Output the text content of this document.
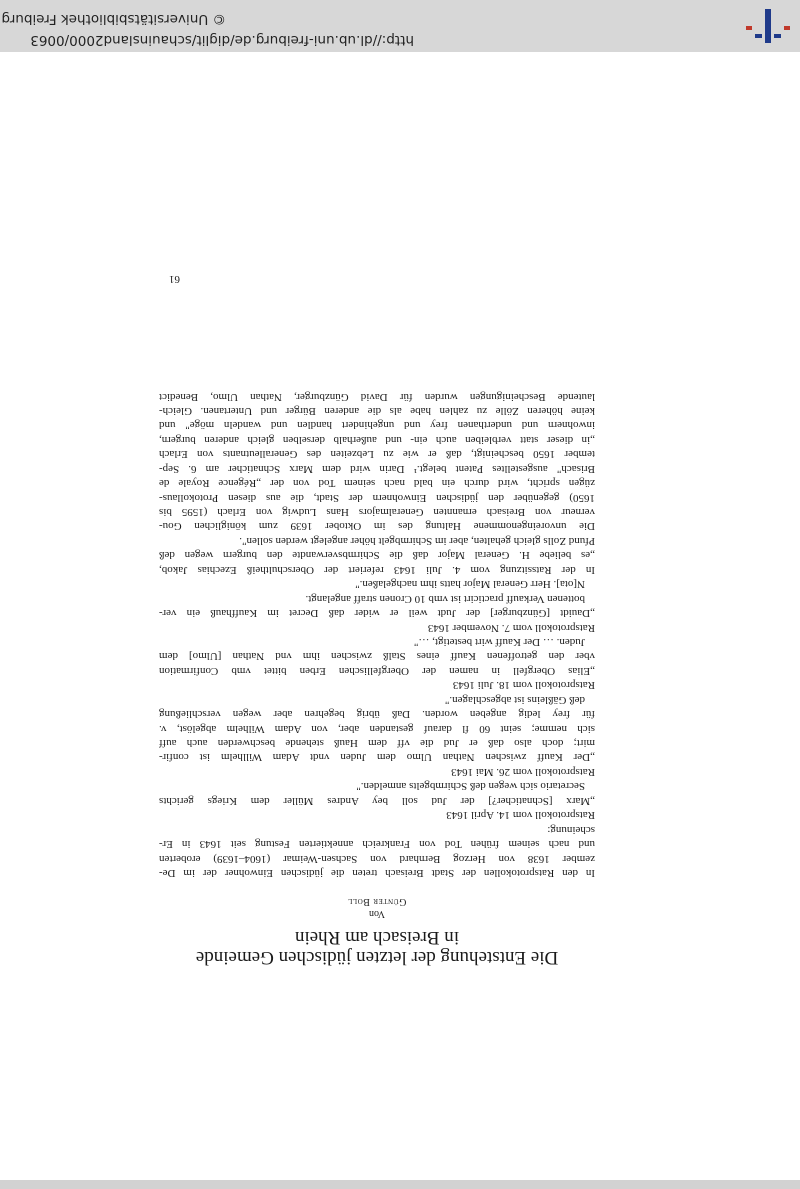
http://dl.ub.uni-freiburg.de/diglit/schauinsland2000/0063
© Universitätsbibliothek Freiburg
Die Entstehung der letzten jüdischen Gemeinde
in Breisach am Rhein
Von
Günter Boll
In den Ratsprotokollen der Stadt Breisach treten die jüdischen Einwohner der im De-
zember 1638 von Herzog Bernhard von Sachsen-Weimar (1604–1639) eroberten
und nach seinem frühen Tod von Frankreich annektierten Festung seit 1643 in Er-
scheinung:
Ratsprotokoll vom 14. April 1643
„Marx [Schnaticher?] der Jud soll bey Andres Müller dem Kriegs gerichts
Secretario sich wegen deß Schirmbgelts anmelden."
Ratsprotokoll vom 26. Mai 1643
„Der Kauff zwischen Nathan Ulmo dem Juden vndt Adam Willhelm ist confir-
mirt; doch also daß er Jud die vff dem Hauß stehende beschwerden auch auff
sich nemme; seint 60 fl darauf gestanden aber, von Adam Wilhelm abgelöst, v.
für frey ledig angeben worden. Daß übrig begehren aber wegen verschließung
deß Gäßleins ist abgeschlagen."
Ratsprotokoll vom 18. Juli 1643
„Elias Obergfell in namen der Obergfellischen Erben bittet vmb Confirmation
vber den getroffenen Kauff eines Stalß zwischen ihm vnd Nathan [Ulmo] dem
Juden. … Der Kauff wirt bestetigt, …"
Ratsprotokoll vom 7. November 1643
„Dauidt [Günzburger] der Judt weil er wider daß Decret im Kauffhauß ein ver-
bottenen Verkauff practicirt ist vmb 10 Cronen straff angelangt.
N[ota]. Herr General Major hatts ihm nachgelaßen."
In der Ratssitzung vom 4. Juli 1643 referiert der Oberschultheiß Ezechias Jakob,
„es beliebe H. General Major daß die Schirmbsverwandte den burgern wegen deß
Pfund Zolls gleich gehalten, aber im Schirmbgelt höher angelegt werden sollen".
Die unvoreingenommene Haltung des im Oktober 1639 zum königlichen Gou-
verneur von Breisach ernannten Generalmajors Hans Ludwig von Erlach (1595 bis
1650) gegenüber den jüdischen Einwohnern der Stadt, die aus diesen Protokollaus-
zügen spricht, wird durch ein bald nach seinem Tod von der „Régence Royale de
Brisach" ausgestelltes Patent belegt.¹ Darin wird dem Marx Schnaticher am 6. Sep-
tember 1650 bescheinigt, daß er wie zu Lebzeiten des Generalleutnants von Erlach
„in dieser statt verbleiben auch ein- und außerhalb derselben gleich anderen burgern,
inwohnern und underthanen frey und ungehindert handlen und wandeln möge" und
keine höheren Zölle zu zahlen habe als die anderen Bürger und Untertanen. Gleich-
lautende Bescheinigungen wurden für David Günzburger, Nathan Ulmo, Benedict
61
